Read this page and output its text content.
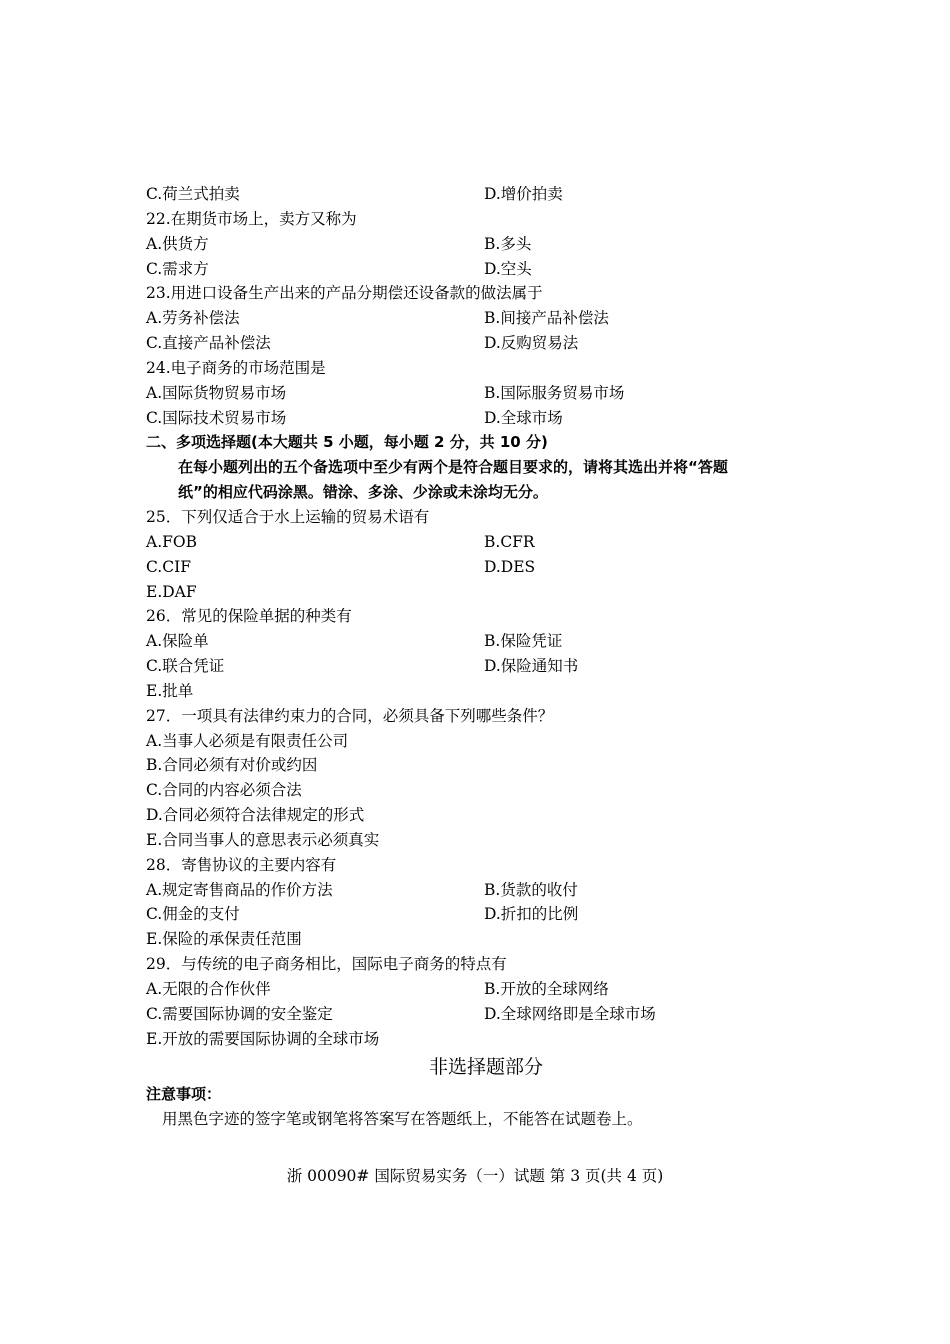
C.荷兰式拍卖	D.增价拍卖
22.在期货市场上，卖方又称为
A.供货方	B.多头
C.需求方	D.空头
23.用进口设备生产出来的产品分期偿还设备款的做法属于
A.劳务补偿法	B.间接产品补偿法
C.直接产品补偿法	D.反购贸易法
24.电子商务的市场范围是
A.国际货物贸易市场	B.国际服务贸易市场
C.国际技术贸易市场	D.全球市场
二、多项选择题(本大题共 5 小题，每小题 2 分，共 10 分)
在每小题列出的五个备选项中至少有两个是符合题目要求的，请将其选出并将“答题
纸”的相应代码涂黑。错涂、多涂、少涂或未涂均无分。
25．下列仅适合于水上运输的贸易术语有
A.FOB	B.CFR
C.CIF	D.DES
E.DAF
26．常见的保险单据的种类有
A.保险单	B.保险凭证
C.联合凭证	D.保险通知书
E.批单
27．一项具有法律约束力的合同，必须具备下列哪些条件？
A.当事人必须是有限责任公司
B.合同必须有对价或约因
C.合同的内容必须合法
D.合同必须符合法律规定的形式
E.合同当事人的意思表示必须真实
28．寄售协议的主要内容有
A.规定寄售商品的作价方法	B.货款的收付
C.佣金的支付	D.折扣的比例
E.保险的承保责任范围
29．与传统的电子商务相比，国际电子商务的特点有
A.无限的合作伙伴	B.开放的全球网络
C.需要国际协调的安全鉴定	D.全球网络即是全球市场
E.开放的需要国际协调的全球市场
非选择题部分
注意事项：
用黑色字迹的签字笔或钢笔将答案写在答题纸上，不能答在试题卷上。
浙 00090# 国际贸易实务（一）试题 第 3 页(共 4 页)
